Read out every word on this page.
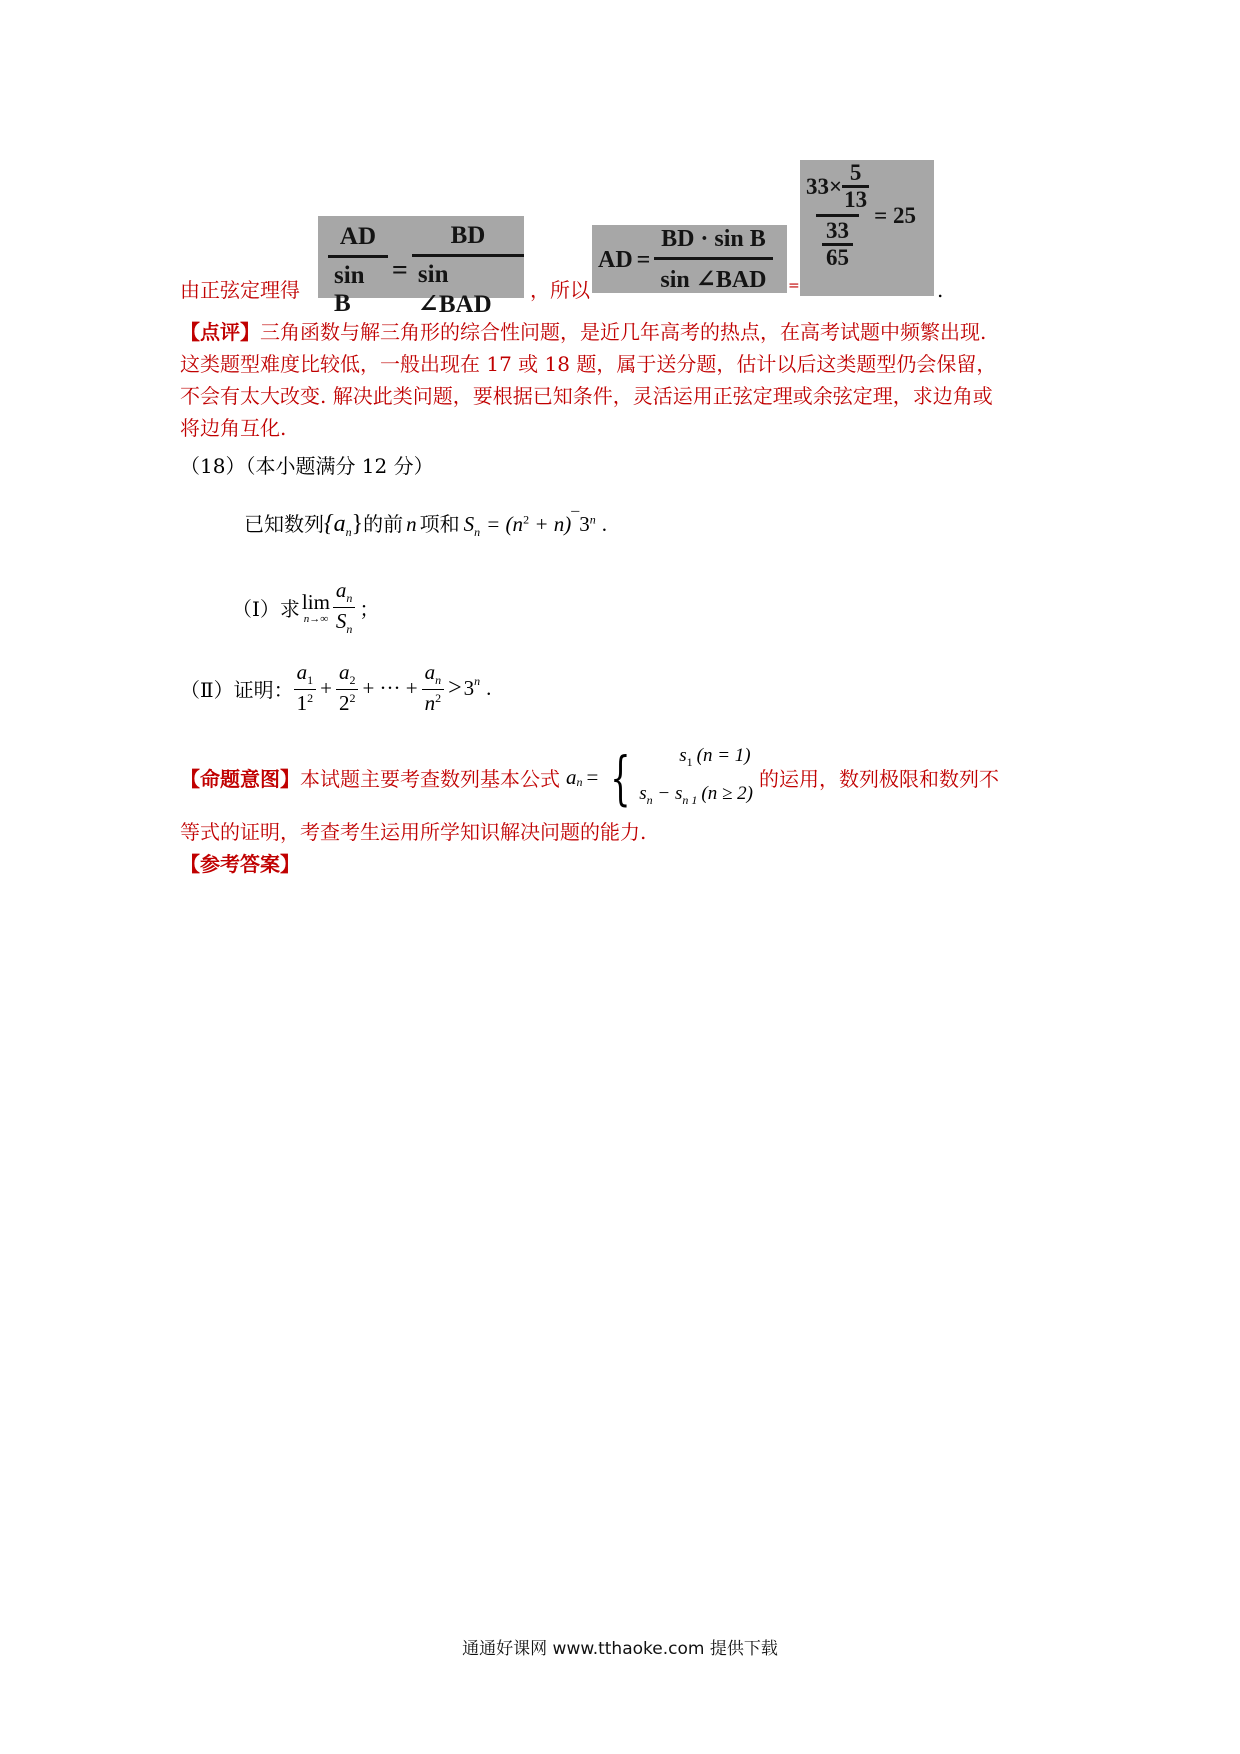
由正弦定理得 $\frac{AD}{\text{sin B}} = \frac{BD}{\text{sin ∠BAD}}$ ，所以
AD = $\frac{\text{BD · sin B}}{\text{sin ∠BAD}}$ =
$\frac{33\times \frac{5}{13}}{\frac{33}{65}} = 25$
.
【点评】三角函数与解三角形的综合性问题，是近几年高考的热点，在高考试题中频繁出现.
这类题型难度比较低，一般出现在 17 或 18 题，属于送分题，估计以后这类题型仍会保留，
不会有太大改变. 解决此类问题，要根据已知条件，灵活运用正弦定理或余弦定理，求边角或
将边角互化.
（18）（本小题满分 12 分）
已知数列$\{a_n\}$的前 n 项和 $S_n = (n^2 + n)^¯3^n$ .
（Ⅰ）求 lim
$n\to\infty \frac{a_n}{S_n}$ ；
（Ⅱ）证明： $\frac{a_1}{1^2} + \frac{a_2}{2^2}$ + ··· + $\frac{a_n}{n^2} > 3^n$ .
【命题意图】 本试题主要考查数列基本公式 $a_n$ = {	$s_1$ (n = 1)
$s_n - s_{n 1}$ (n ≥ 2)
的运用，数列极限和数列不
等式的证明，考查考生运用所学知识解决问题的能力.
【参考答案】
通通好课网 www.tthaoke.com 提供下载
